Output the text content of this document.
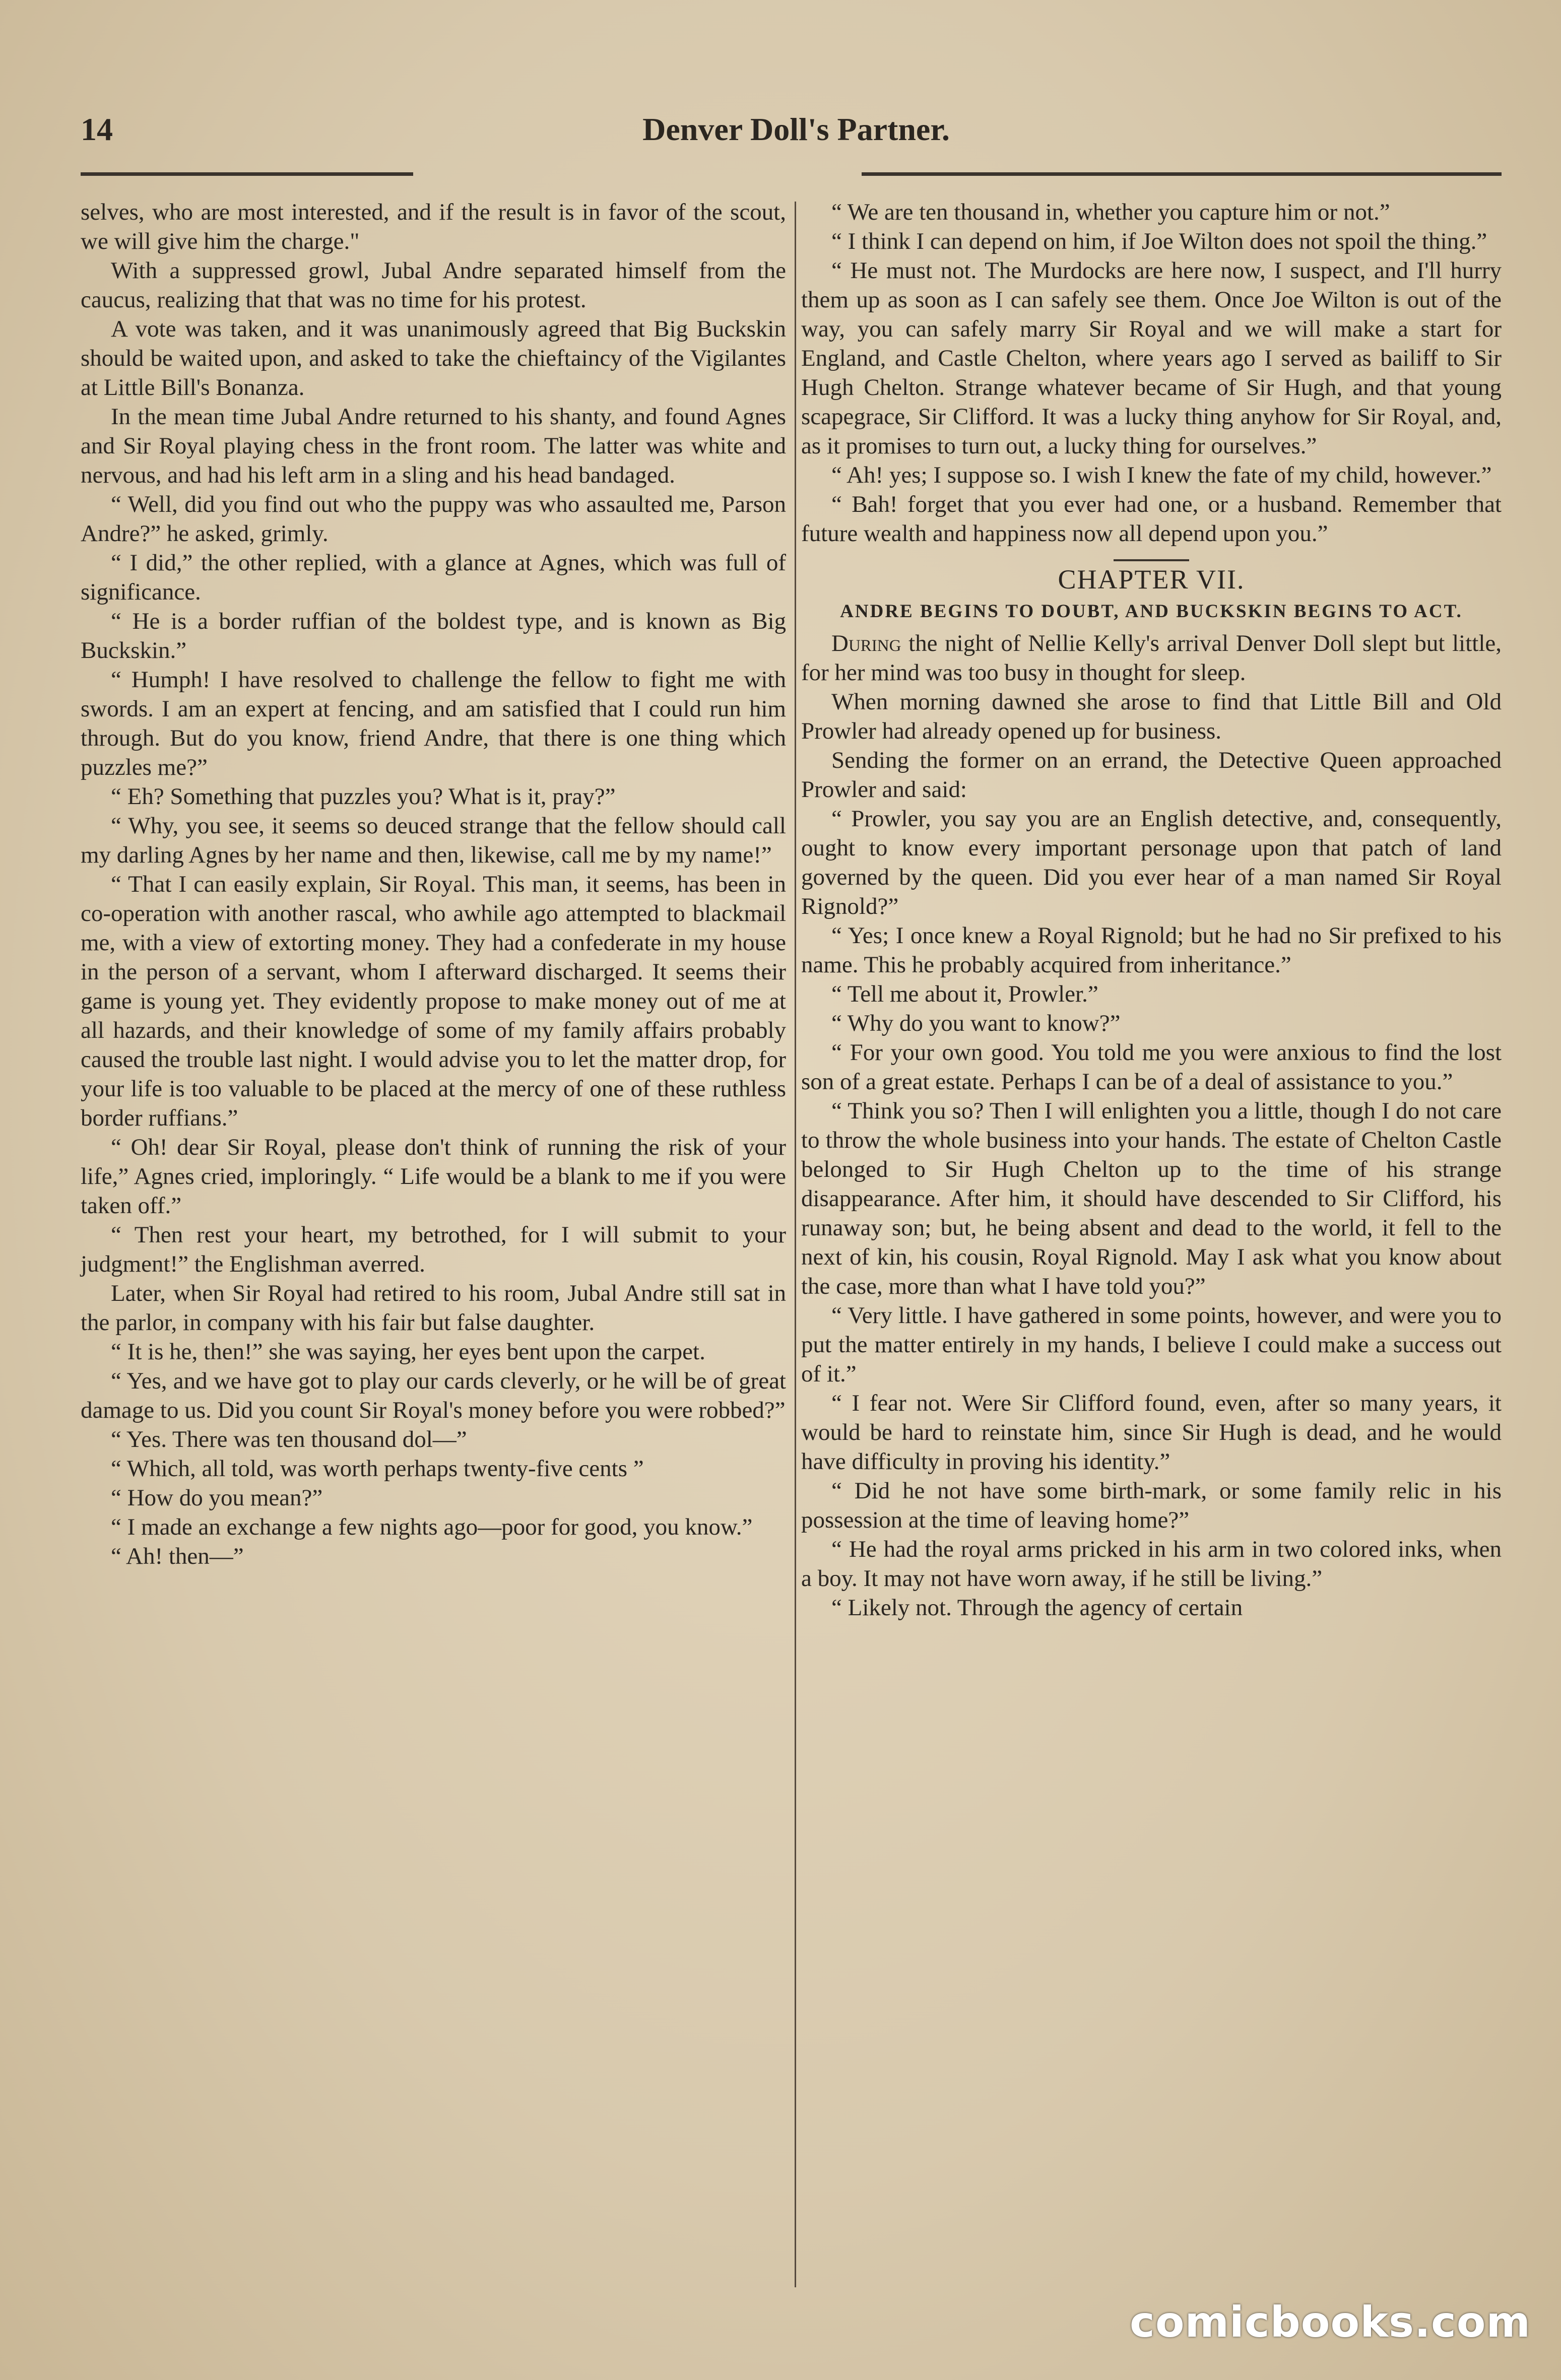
14	Denver Doll's Partner.

selves, who are most interested, and if the result is in favor of the scout, we will give him the charge."

With a suppressed growl, Jubal Andre separated himself from the caucus, realizing that that was no time for his protest.

A vote was taken, and it was unanimously agreed that Big Buckskin should be waited upon, and asked to take the chieftaincy of the Vigilantes at Little Bill's Bonanza.

In the mean time Jubal Andre returned to his shanty, and found Agnes and Sir Royal playing chess in the front room. The latter was white and nervous, and had his left arm in a sling and his head bandaged.

“ Well, did you find out who the puppy was who assaulted me, Parson Andre?” he asked, grimly.

“ I did,” the other replied, with a glance at Agnes, which was full of significance.

“ He is a border ruffian of the boldest type, and is known as Big Buckskin.”

“ Humph! I have resolved to challenge the fellow to fight me with swords. I am an expert at fencing, and am satisfied that I could run him through. But do you know, friend Andre, that there is one thing which puzzles me?”

“ Eh? Something that puzzles you? What is it, pray?”

“ Why, you see, it seems so deuced strange that the fellow should call my darling Agnes by her name and then, likewise, call me by my name!”

“ That I can easily explain, Sir Royal. This man, it seems, has been in co-operation with another rascal, who awhile ago attempted to blackmail me, with a view of extorting money. They had a confederate in my house in the person of a servant, whom I afterward discharged. It seems their game is young yet. They evidently propose to make money out of me at all hazards, and their knowledge of some of my family affairs probably caused the trouble last night. I would advise you to let the matter drop, for your life is too valuable to be placed at the mercy of one of these ruthless border ruffians.”

“ Oh! dear Sir Royal, please don't think of running the risk of your life,” Agnes cried, imploringly. “ Life would be a blank to me if you were taken off.”

“ Then rest your heart, my betrothed, for I will submit to your judgment!” the Englishman averred.

Later, when Sir Royal had retired to his room, Jubal Andre still sat in the parlor, in company with his fair but false daughter.

“ It is he, then!” she was saying, her eyes bent upon the carpet.

“ Yes, and we have got to play our cards cleverly, or he will be of great damage to us. Did you count Sir Royal's money before you were robbed?”

“ Yes. There was ten thousand dol—”

“ Which, all told, was worth perhaps twenty-five cents ”

“ How do you mean?”

“ I made an exchange a few nights ago—poor for good, you know.”

“ Ah! then—”

“ We are ten thousand in, whether you capture him or not.”

“ I think I can depend on him, if Joe Wilton does not spoil the thing.”

“ He must not. The Murdocks are here now, I suspect, and I'll hurry them up as soon as I can safely see them. Once Joe Wilton is out of the way, you can safely marry Sir Royal and we will make a start for England, and Castle Chelton, where years ago I served as bailiff to Sir Hugh Chelton. Strange whatever became of Sir Hugh, and that young scapegrace, Sir Clifford. It was a lucky thing anyhow for Sir Royal, and, as it promises to turn out, a lucky thing for ourselves.”

“ Ah! yes; I suppose so. I wish I knew the fate of my child, however.”

“ Bah! forget that you ever had one, or a husband. Remember that future wealth and happiness now all depend upon you.”

CHAPTER VII.
ANDRE BEGINS TO DOUBT, AND BUCKSKIN BEGINS TO ACT.

During the night of Nellie Kelly's arrival Denver Doll slept but little, for her mind was too busy in thought for sleep.

When morning dawned she arose to find that Little Bill and Old Prowler had already opened up for business.

Sending the former on an errand, the Detective Queen approached Prowler and said:

“ Prowler, you say you are an English detective, and, consequently, ought to know every important personage upon that patch of land governed by the queen. Did you ever hear of a man named Sir Royal Rignold?”

“ Yes; I once knew a Royal Rignold; but he had no Sir prefixed to his name. This he probably acquired from inheritance.”

“ Tell me about it, Prowler.”

“ Why do you want to know?”

“ For your own good. You told me you were anxious to find the lost son of a great estate. Perhaps I can be of a deal of assistance to you.”

“ Think you so? Then I will enlighten you a little, though I do not care to throw the whole business into your hands. The estate of Chelton Castle belonged to Sir Hugh Chelton up to the time of his strange disappearance. After him, it should have descended to Sir Clifford, his runaway son; but, he being absent and dead to the world, it fell to the next of kin, his cousin, Royal Rignold. May I ask what you know about the case, more than what I have told you?”

“ Very little. I have gathered in some points, however, and were you to put the matter entirely in my hands, I believe I could make a success out of it.”

“ I fear not. Were Sir Clifford found, even, after so many years, it would be hard to reinstate him, since Sir Hugh is dead, and he would have difficulty in proving his identity.”

“ Did he not have some birth-mark, or some family relic in his possession at the time of leaving home?”

“ He had the royal arms pricked in his arm in two colored inks, when a boy. It may not have worn away, if he still be living.”

“ Likely not. Through the agency of certain

comicbooks.com
